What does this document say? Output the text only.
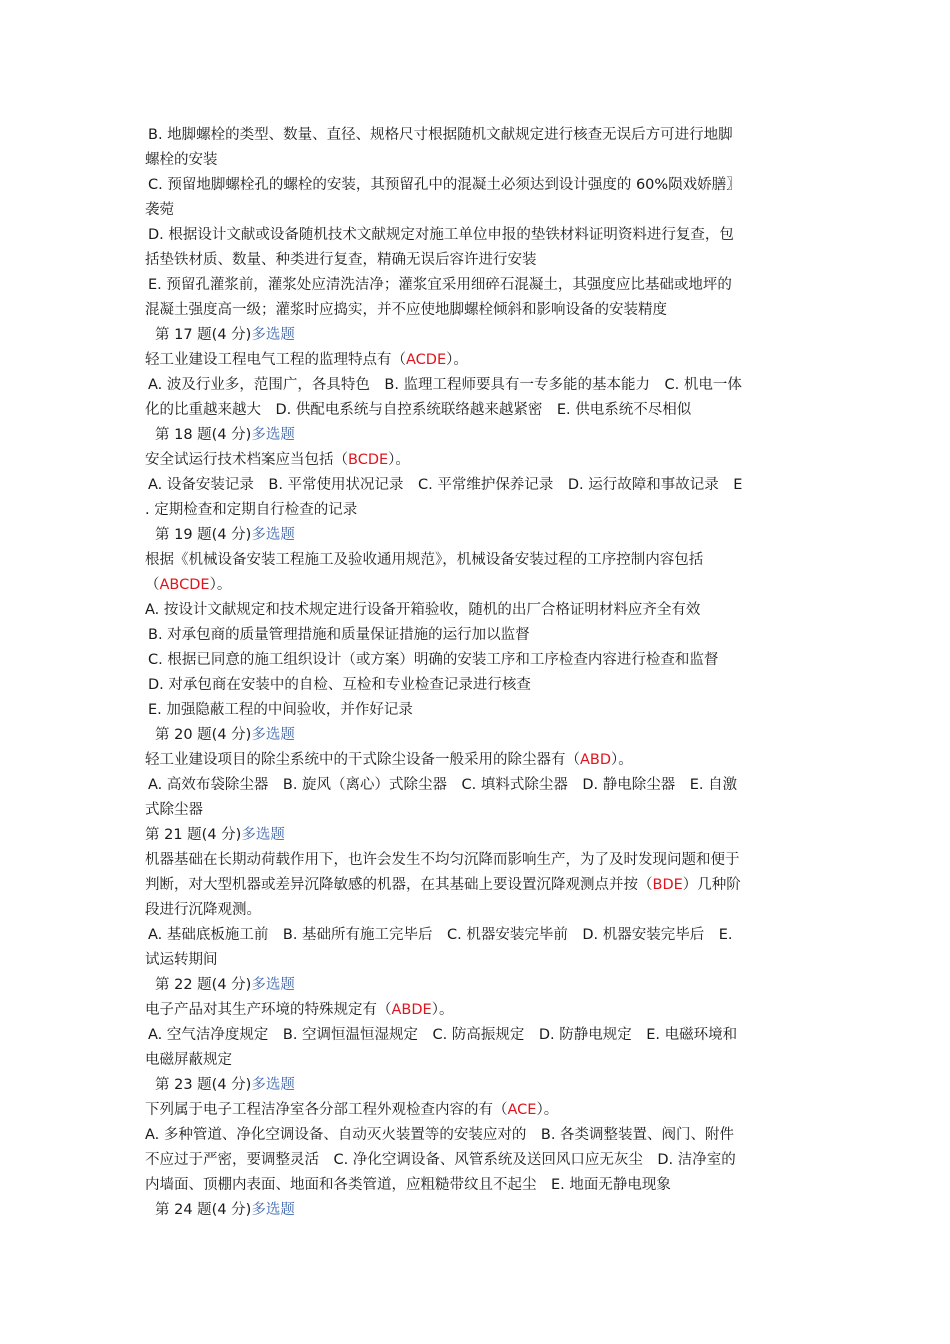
B. 地脚螺栓的类型、数量、直径、规格尺寸根据随机文献规定进行核查无误后方可进行地脚
螺栓的安装
C. 预留地脚螺栓孔的螺栓的安装，其预留孔中的混凝土必须达到设计强度的 60%陨戏娇膳〗
袭菀
D. 根据设计文献或设备随机技术文献规定对施工单位申报的垫铁材料证明资料进行复查，包
括垫铁材质、数量、种类进行复查，精确无误后容许进行安装
E. 预留孔灌浆前，灌浆处应清洗洁净；灌浆宜采用细碎石混凝土，其强度应比基础或地坪的
混凝土强度高一级；灌浆时应捣实，并不应使地脚螺栓倾斜和影响设备的安装精度
第 17 题(4 分)多选题
轻工业建设工程电气工程的监理特点有（ACDE）。
A. 波及行业多，范围广，各具特色　B. 监理工程师要具有一专多能的基本能力　C. 机电一体
化的比重越来越大　D. 供配电系统与自控系统联络越来越紧密　E. 供电系统不尽相似
第 18 题(4 分)多选题
安全试运行技术档案应当包括（BCDE）。
A. 设备安装记录　B. 平常使用状况记录　C. 平常维护保养记录　D. 运行故障和事故记录　E
. 定期检查和定期自行检查的记录
第 19 题(4 分)多选题
根据《机械设备安装工程施工及验收通用规范》，机械设备安装过程的工序控制内容包括
（ABCDE）。
A. 按设计文献规定和技术规定进行设备开箱验收，随机的出厂合格证明材料应齐全有效
B. 对承包商的质量管理措施和质量保证措施的运行加以监督
C. 根据已同意的施工组织设计（或方案）明确的安装工序和工序检查内容进行检查和监督
D. 对承包商在安装中的自检、互检和专业检查记录进行核查
E. 加强隐蔽工程的中间验收，并作好记录
第 20 题(4 分)多选题
轻工业建设项目的除尘系统中的干式除尘设备一般采用的除尘器有（ABD）。
A. 高效布袋除尘器　B. 旋风（离心）式除尘器　C. 填料式除尘器　D. 静电除尘器　E. 自激
式除尘器
第 21 题(4 分)多选题
机器基础在长期动荷载作用下，也许会发生不均匀沉降而影响生产，为了及时发现问题和便于
判断，对大型机器或差异沉降敏感的机器，在其基础上要设置沉降观测点并按（BDE）几种阶
段进行沉降观测。
A. 基础底板施工前　B. 基础所有施工完毕后　C. 机器安装完毕前　D. 机器安装完毕后　E.
试运转期间
第 22 题(4 分)多选题
电子产品对其生产环境的特殊规定有（ABDE）。
A. 空气洁净度规定　B. 空调恒温恒湿规定　C. 防高振规定　D. 防静电规定　E. 电磁环境和
电磁屏蔽规定
第 23 题(4 分)多选题
下列属于电子工程洁净室各分部工程外观检查内容的有（ACE）。
A. 多种管道、净化空调设备、自动灭火装置等的安装应对的　B. 各类调整装置、阀门、附件
不应过于严密，要调整灵活　C. 净化空调设备、风管系统及送回风口应无灰尘　D. 洁净室的
内墙面、顶棚内表面、地面和各类管道，应粗糙带纹且不起尘　E. 地面无静电现象
第 24 题(4 分)多选题
